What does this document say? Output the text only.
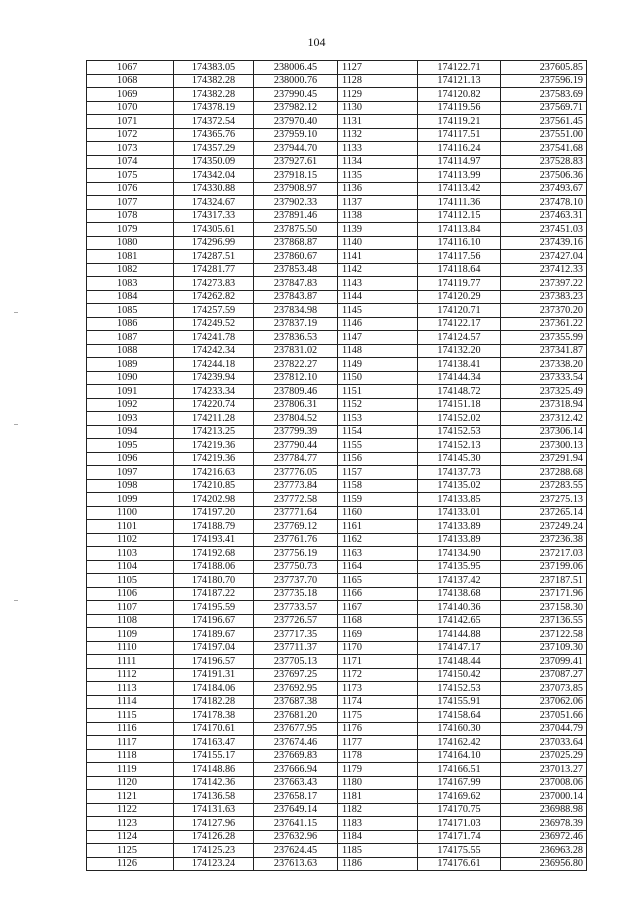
104
1067	174383.05	238006.45	1127	174122.71	237605.85
1068	174382.28	238000.76	1128	174121.13	237596.19
1069	174382.28	237990.45	1129	174120.82	237583.69
1070	174378.19	237982.12	1130	174119.56	237569.71
1071	174372.54	237970.40	1131	174119.21	237561.45
1072	174365.76	237959.10	1132	174117.51	237551.00
1073	174357.29	237944.70	1133	174116.24	237541.68
1074	174350.09	237927.61	1134	174114.97	237528.83
1075	174342.04	237918.15	1135	174113.99	237506.36
1076	174330.88	237908.97	1136	174113.42	237493.67
1077	174324.67	237902.33	1137	174111.36	237478.10
1078	174317.33	237891.46	1138	174112.15	237463.31
1079	174305.61	237875.50	1139	174113.84	237451.03
1080	174296.99	237868.87	1140	174116.10	237439.16
1081	174287.51	237860.67	1141	174117.56	237427.04
1082	174281.77	237853.48	1142	174118.64	237412.33
1083	174273.83	237847.83	1143	174119.77	237397.22
1084	174262.82	237843.87	1144	174120.29	237383.23
1085	174257.59	237834.98	1145	174120.71	237370.20
1086	174249.52	237837.19	1146	174122.17	237361.22
1087	174241.78	237836.53	1147	174124.57	237355.99
1088	174242.34	237831.02	1148	174132.20	237341.87
1089	174244.18	237822.27	1149	174138.41	237338.20
1090	174239.94	237812.10	1150	174144.34	237333.54
1091	174233.34	237809.46	1151	174148.72	237325.49
1092	174220.74	237806.31	1152	174151.18	237318.94
1093	174211.28	237804.52	1153	174152.02	237312.42
1094	174213.25	237799.39	1154	174152.53	237306.14
1095	174219.36	237790.44	1155	174152.13	237300.13
1096	174219.36	237784.77	1156	174145.30	237291.94
1097	174216.63	237776.05	1157	174137.73	237288.68
1098	174210.85	237773.84	1158	174135.02	237283.55
1099	174202.98	237772.58	1159	174133.85	237275.13
1100	174197.20	237771.64	1160	174133.01	237265.14
1101	174188.79	237769.12	1161	174133.89	237249.24
1102	174193.41	237761.76	1162	174133.89	237236.38
1103	174192.68	237756.19	1163	174134.90	237217.03
1104	174188.06	237750.73	1164	174135.95	237199.06
1105	174180.70	237737.70	1165	174137.42	237187.51
1106	174187.22	237735.18	1166	174138.68	237171.96
1107	174195.59	237733.57	1167	174140.36	237158.30
1108	174196.67	237726.57	1168	174142.65	237136.55
1109	174189.67	237717.35	1169	174144.88	237122.58
1110	174197.04	237711.37	1170	174147.17	237109.30
1111	174196.57	237705.13	1171	174148.44	237099.41
1112	174191.31	237697.25	1172	174150.42	237087.27
1113	174184.06	237692.95	1173	174152.53	237073.85
1114	174182.28	237687.38	1174	174155.91	237062.06
1115	174178.38	237681.20	1175	174158.64	237051.66
1116	174170.61	237677.95	1176	174160.30	237044.79
1117	174163.47	237674.46	1177	174162.42	237033.64
1118	174155.17	237669.83	1178	174164.10	237025.29
1119	174148.86	237666.94	1179	174166.51	237013.27
1120	174142.36	237663.43	1180	174167.99	237008.06
1121	174136.58	237658.17	1181	174169.62	237000.14
1122	174131.63	237649.14	1182	174170.75	236988.98
1123	174127.96	237641.15	1183	174171.03	236978.39
1124	174126.28	237632.96	1184	174171.74	236972.46
1125	174125.23	237624.45	1185	174175.55	236963.28
1126	174123.24	237613.63	1186	174176.61	236956.80
